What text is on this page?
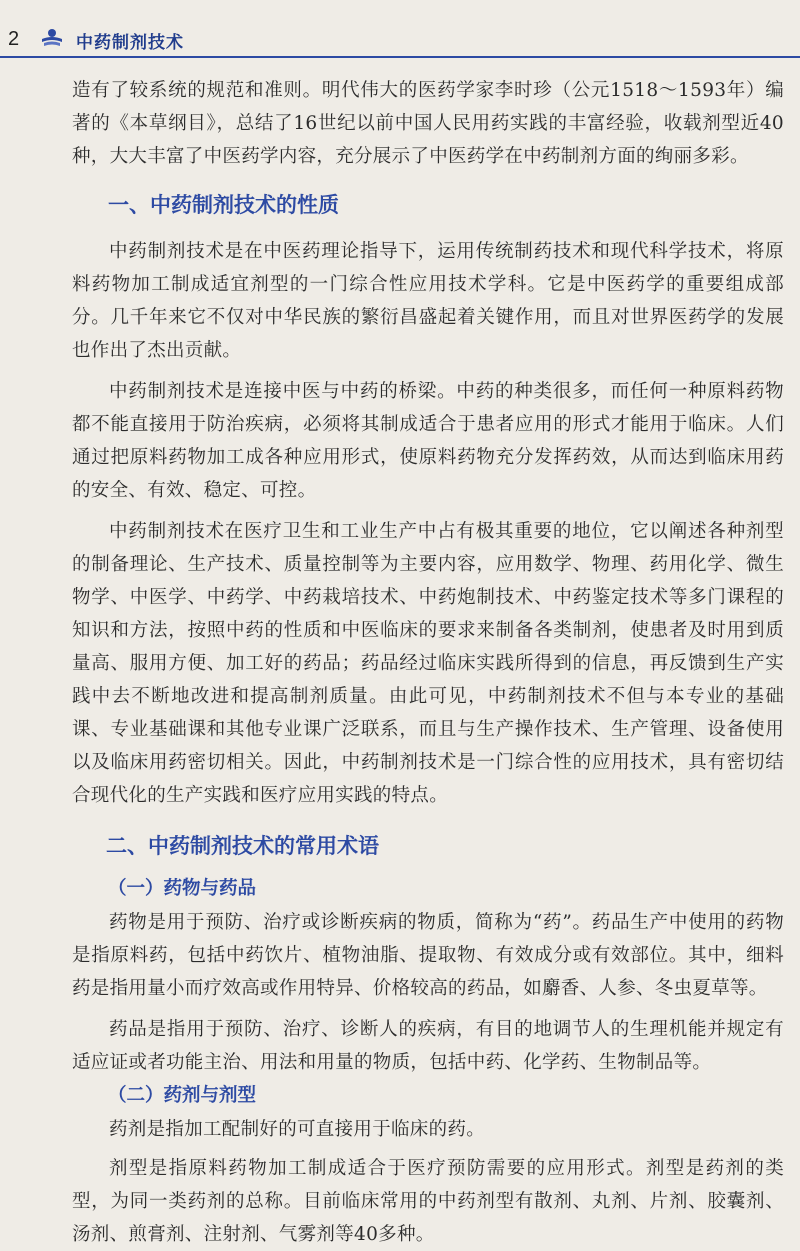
2	中药制剂技术

造有了较系统的规范和准则。明代伟大的医药学家李时珍（公元1518～1593年）编著的《本草纲目》，总结了16世纪以前中国人民用药实践的丰富经验，收载剂型近40种，大大丰富了中医药学内容，充分展示了中医药学在中药制剂方面的绚丽多彩。

一、中药制剂技术的性质

中药制剂技术是在中医药理论指导下，运用传统制药技术和现代科学技术，将原料药物加工制成适宜剂型的一门综合性应用技术学科。它是中医药学的重要组成部分。几千年来它不仅对中华民族的繁衍昌盛起着关键作用，而且对世界医药学的发展也作出了杰出贡献。

中药制剂技术是连接中医与中药的桥梁。中药的种类很多，而任何一种原料药物都不能直接用于防治疾病，必须将其制成适合于患者应用的形式才能用于临床。人们通过把原料药物加工成各种应用形式，使原料药物充分发挥药效，从而达到临床用药的安全、有效、稳定、可控。

中药制剂技术在医疗卫生和工业生产中占有极其重要的地位，它以阐述各种剂型的制备理论、生产技术、质量控制等为主要内容，应用数学、物理、药用化学、微生物学、中医学、中药学、中药栽培技术、中药炮制技术、中药鉴定技术等多门课程的知识和方法，按照中药的性质和中医临床的要求来制备各类制剂，使患者及时用到质量高、服用方便、加工好的药品；药品经过临床实践所得到的信息，再反馈到生产实践中去不断地改进和提高制剂质量。由此可见，中药制剂技术不但与本专业的基础课、专业基础课和其他专业课广泛联系，而且与生产操作技术、生产管理、设备使用以及临床用药密切相关。因此，中药制剂技术是一门综合性的应用技术，具有密切结合现代化的生产实践和医疗应用实践的特点。

二、中药制剂技术的常用术语
（一）药物与药品

药物是用于预防、治疗或诊断疾病的物质，简称为“药”。药品生产中使用的药物是指原料药，包括中药饮片、植物油脂、提取物、有效成分或有效部位。其中，细料药是指用量小而疗效高或作用特异、价格较高的药品，如麝香、人参、冬虫夏草等。

药品是指用于预防、治疗、诊断人的疾病，有目的地调节人的生理机能并规定有适应证或者功能主治、用法和用量的物质，包括中药、化学药、生物制品等。

（二）药剂与剂型

药剂是指加工配制好的可直接用于临床的药。

剂型是指原料药物加工制成适合于医疗预防需要的应用形式。剂型是药剂的类型，为同一类药剂的总称。目前临床常用的中药剂型有散剂、丸剂、片剂、胶囊剂、汤剂、煎膏剂、注射剂、气雾剂等40多种。
